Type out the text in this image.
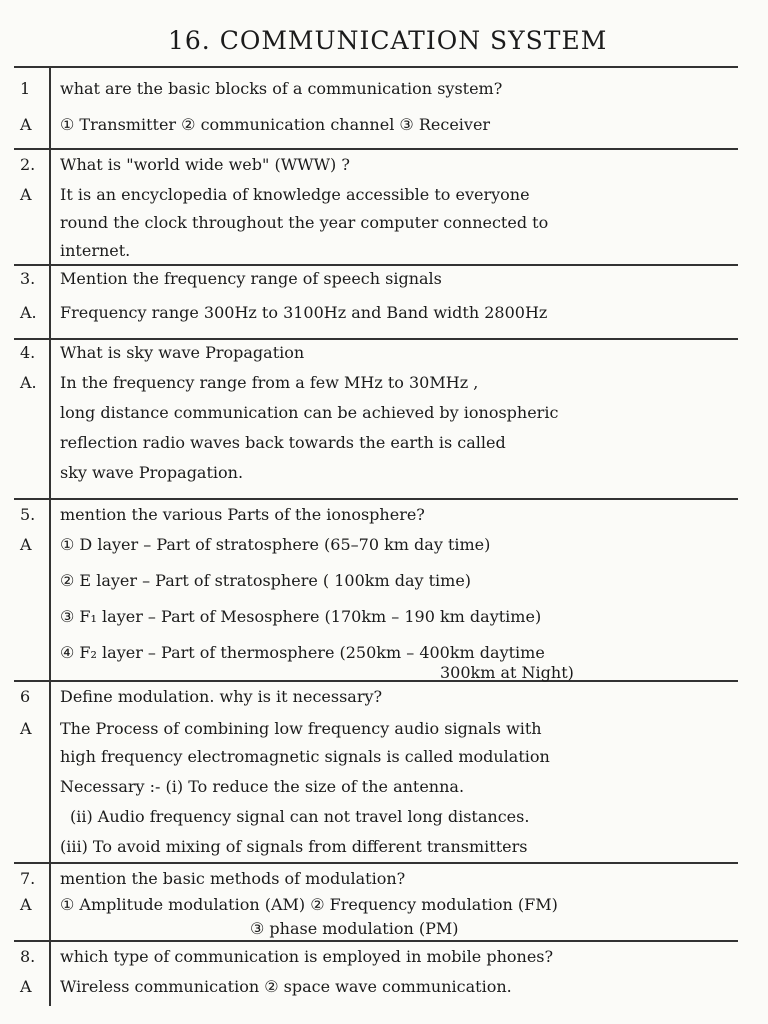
16. COMMUNICATION SYSTEM
1	what are the basic blocks of a communication system?
A	① Transmitter ② communication channel ③ Receiver
2.	What is "world wide web" (WWW) ?
A	It is an encyclopedia of knowledge accessible to everyone
round the clock throughout the year computer connected to
internet.
3.	Mention the frequency range of speech signals
A.	Frequency range 300Hz to 3100Hz and Band width 2800Hz
4.	What is sky wave Propagation
A.	In the frequency range from a few MHz to 30MHz ,
long distance communication can be achieved by ionospheric
reflection radio waves back towards the earth is called
sky wave Propagation.
5.	mention the various Parts of the ionosphere?
A	① D layer – Part of stratosphere (65–70 km day time)
② E layer – Part of stratosphere ( 100km day time)
③ F₁ layer – Part of Mesosphere (170km – 190 km daytime)
④ F₂ layer – Part of thermosphere (250km – 400km daytime
300km at Night)
6	Define modulation. why is it necessary?
A	The Process of combining low frequency audio signals with
high frequency electromagnetic signals is called modulation
Necessary :- (i) To reduce the size of the antenna.
(ii) Audio frequency signal can not travel long distances.
(iii) To avoid mixing of signals from different transmitters
7.	mention the basic methods of modulation?
A	① Amplitude modulation (AM) ② Frequency modulation (FM)
③ phase modulation (PM)
8.	which type of communication is employed in mobile phones?
A	Wireless communication ② space wave communication.
